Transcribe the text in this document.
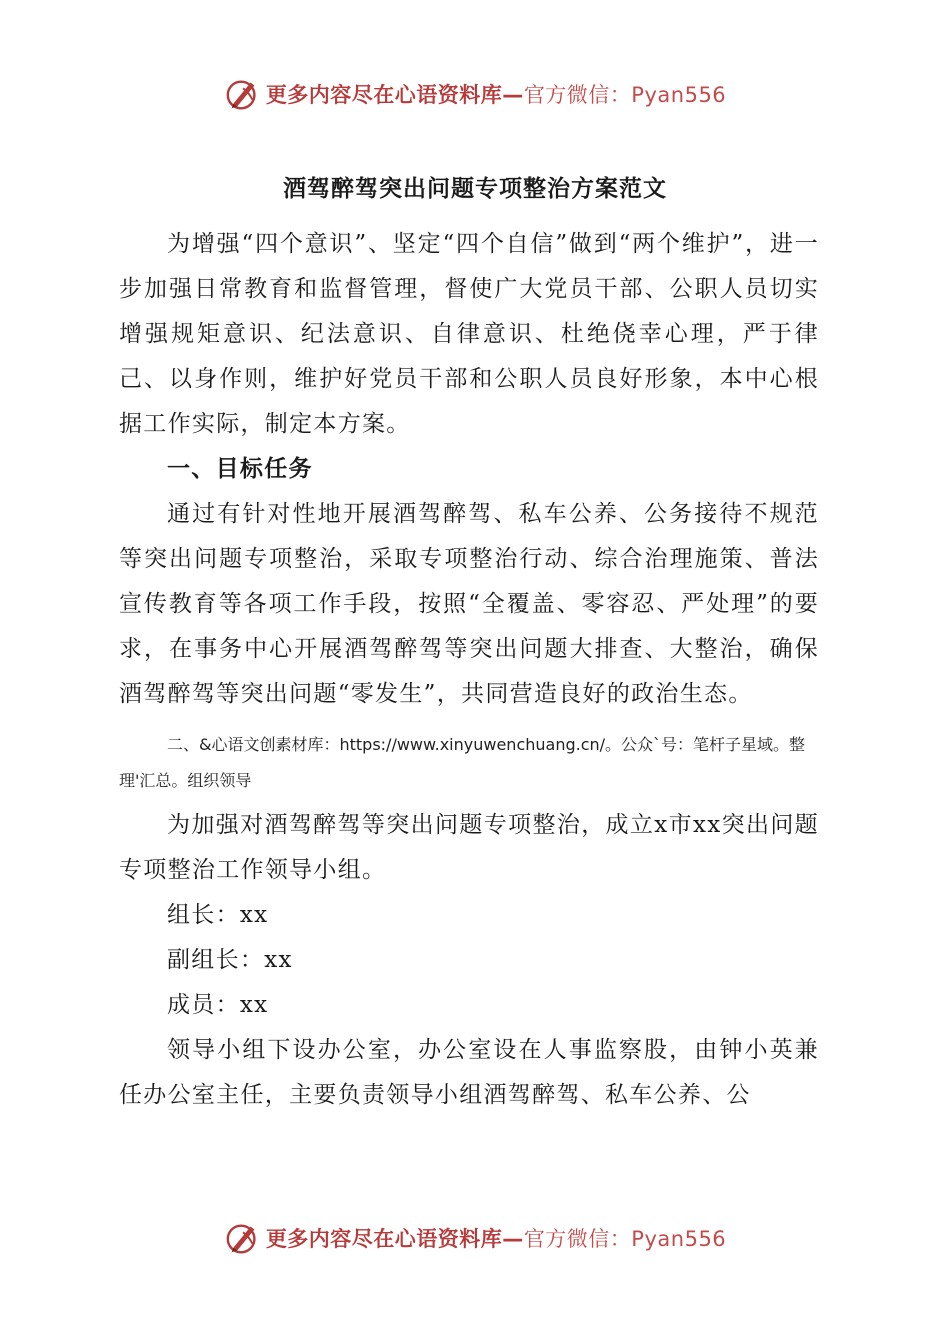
更多内容尽在心语资料库—官方微信：Pyan556
酒驾醉驾突出问题专项整治方案范文

为增强“四个意识”、坚定“四个自信”做到“两个维护”，进一步加强日常教育和监督管理，督使广大党员干部、公职人员切实增强规矩意识、纪法意识、自律意识、杜绝侥幸心理，严于律己、以身作则，维护好党员干部和公职人员良好形象，本中心根据工作实际，制定本方案。

一、目标任务

通过有针对性地开展酒驾醉驾、私车公养、公务接待不规范等突出问题专项整治，采取专项整治行动、综合治理施策、普法宣传教育等各项工作手段，按照“全覆盖、零容忍、严处理”的要求，在事务中心开展酒驾醉驾等突出问题大排查、大整治，确保酒驾醉驾等突出问题“零发生”，共同营造良好的政治生态。

二、&心语文创素材库：https://www.xinyuwenchuang.cn/。公众`号：笔杆子星域。整理'汇总。组织领导

为加强对酒驾醉驾等突出问题专项整治，成立x市xx突出问题专项整治工作领导小组。

组长：xx

副组长：xx

成员：xx

领导小组下设办公室，办公室设在人事监察股，由钟小英兼任办公室主任，主要负责领导小组酒驾醉驾、私车公养、公

更多内容尽在心语资料库—官方微信：Pyan556
